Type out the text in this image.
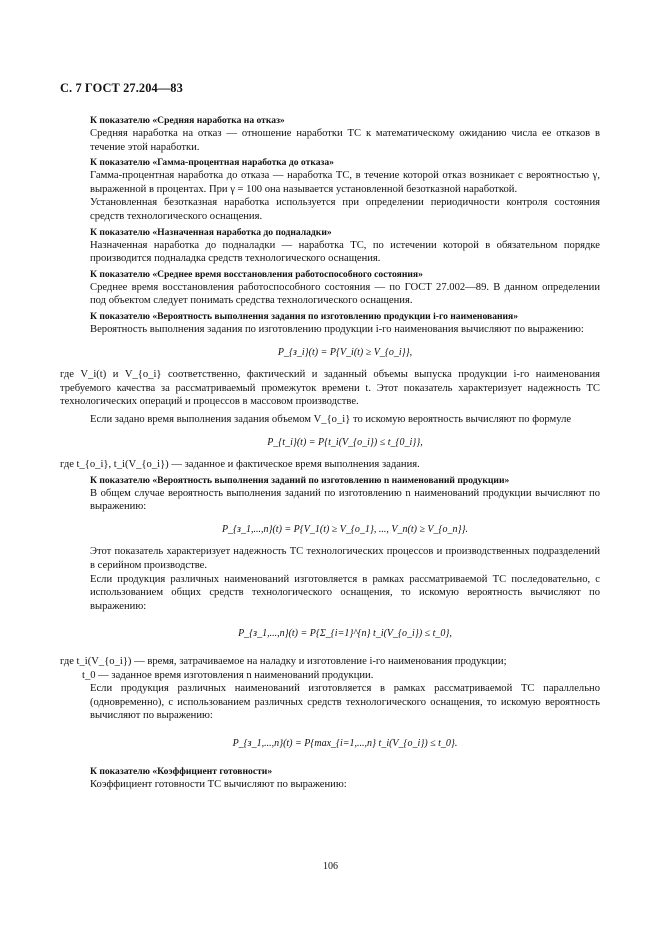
С. 7 ГОСТ 27.204—83
К показателю «Средняя наработка на отказ»

Средняя наработка на отказ — отношение наработки ТС к математическому ожиданию числа ее отказов в течение этой наработки.

К показателю «Гамма-процентная наработка до отказа»

Гамма-процентная наработка до отказа — наработка ТС, в течение которой отказ возникает с вероятностью γ, выраженной в процентах. При γ = 100 она называется установленной безотказной наработкой.

Установленная безотказная наработка используется при определении периодичности контроля состояния средств технологического оснащения.

К показателю «Назначенная наработка до подналадки»

Назначенная наработка до подналадки — наработка ТС, по истечении которой в обязательном порядке производится подналадка средств технологического оснащения.

К показателю «Среднее время восстановления работоспособного состояния»

Среднее время восстановления работоспособного состояния — по ГОСТ 27.002—89. В данном определении под объектом следует понимать средства технологического оснащения.

К показателю «Вероятность выполнения задания по изготовлению продукции i-го наименования»

Вероятность выполнения задания по изготовлению продукции i-го наименования вычисляют по выражению:

P_{з_i}(t) = P{V_i(t) ≥ V_{o_i}},

где V_i(t) и V_{o_i} соответственно, фактический и заданный объемы выпуска продукции i-го наименования требуемого качества за рассматриваемый промежуток времени t. Этот показатель характеризует надежность ТС технологических операций и процессов в массовом производстве.

Если задано время выполнения задания объемом V_{o_i} то искомую вероятность вычисляют по формуле

P_{t_i}(t) = P{t_i(V_{o_i}) ≤ t_{0_i}},

где t_{o_i}, t_i(V_{o_i}) — заданное и фактическое время выполнения задания.

К показателю «Вероятность выполнения заданий по изготовлению n наименований продукции»

В общем случае вероятность выполнения заданий по изготовлению n наименований продукции вычисляют по выражению:

P_{з_1,...,n}(t) = P{V_1(t) ≥ V_{o_1}, ..., V_n(t) ≥ V_{o_n}}.

Этот показатель характеризует надежность ТС технологических процессов и производственных подразделений в серийном производстве.

Если продукция различных наименований изготовляется в рамках рассматриваемой ТС последовательно, с использованием общих средств технологического оснащения, то искомую вероятность вычисляют по выражению:

P_{з_1,...,n}(t) = P{Σ_{i=1}^{n} t_i(V_{o_i}) ≤ t_0},

где t_i(V_{o_i}) — время, затрачиваемое на наладку и изготовление i-го наименования продукции;

t_0 — заданное время изготовления n наименований продукции.

Если продукция различных наименований изготовляется в рамках рассматриваемой ТС параллельно (одновременно), с использованием различных средств технологического оснащения, то искомую вероятность вычисляют по выражению:

P_{з_1,...,n}(t) = P{max_{i=1,...,n} t_i(V_{o_i}) ≤ t_0}.
К показателю «Коэффициент готовности»

Коэффициент готовности ТС вычисляют по выражению:

106
